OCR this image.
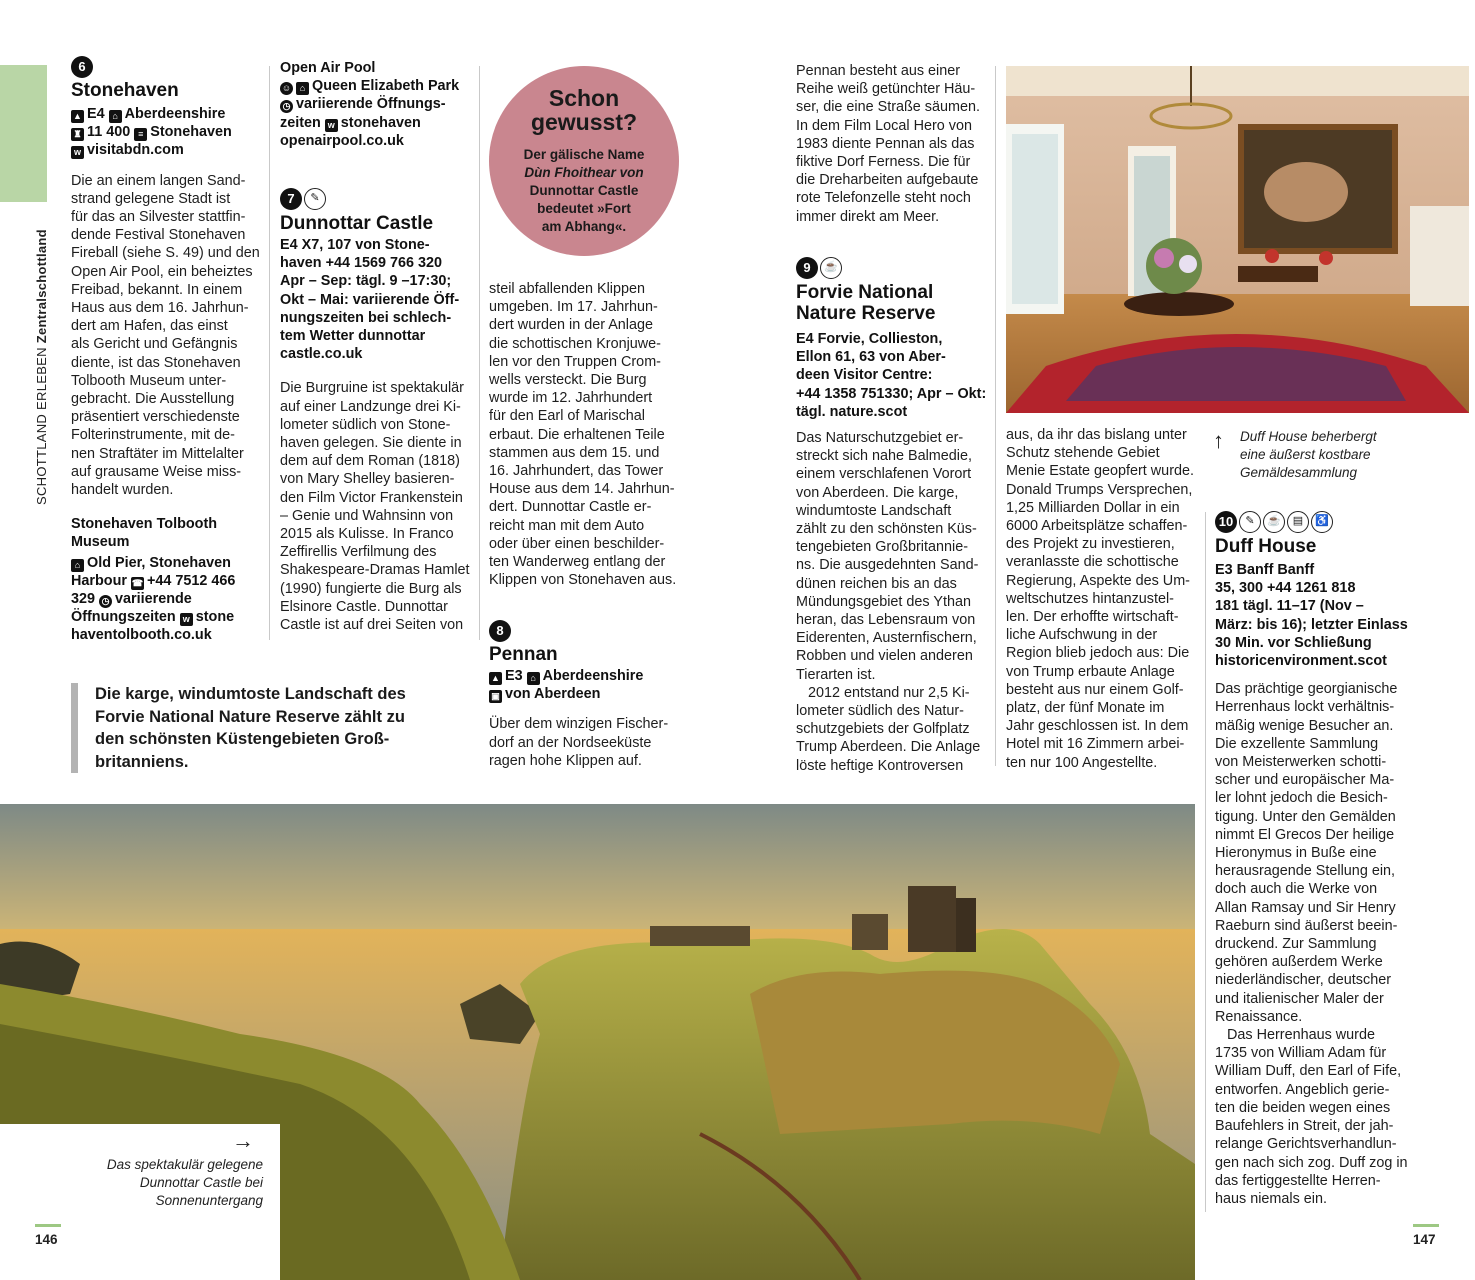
SCHOTTLAND ERLEBEN Zentralschottland
6
Stonehaven
▲ E4 ⌂ Aberdeenshire
♜ 11 400 ≡ Stonehaven
w visitabdn.com
Die an einem langen Sand-
strand gelegene Stadt ist
für das an Silvester stattfin-
dende Festival Stonehaven
Fireball (siehe S. 49) und den
Open Air Pool, ein beheiztes
Freibad, bekannt. In einem
Haus aus dem 16. Jahrhun-
dert am Hafen, das einst
als Gericht und Gefängnis
diente, ist das Stonehaven
Tolbooth Museum unter-
gebracht. Die Ausstellung
präsentiert verschiedenste
Folterinstrumente, mit de-
nen Straftäter im Mittelalter
auf grausame Weise miss-
handelt wurden.
Stonehaven Tolbooth
Museum
⌂ Old Pier, Stonehaven
Harbour ☎ +44 7512 466
329 ◷ variierende
Öffnungszeiten w stone
haventolbooth.co.uk
Open Air Pool
☺ ⌂ Queen Elizabeth Park
◷ variierende Öffnungs-
zeiten w stonehaven
openairpool.co.uk
7 ✎
Dunnottar Castle
E4 X7, 107 von Stone-
haven +44 1569 766 320
Apr – Sep: tägl. 9 –17:30;
Okt – Mai: variierende Öff-
nungszeiten bei schlech-
tem Wetter dunnottar
castle.co.uk
Die Burgruine ist spektakulär
auf einer Landzunge drei Ki-
lometer südlich von Stone-
haven gelegen. Sie diente in
dem auf dem Roman (1818)
von Mary Shelley basieren-
den Film Victor Frankenstein
– Genie und Wahnsinn von
2015 als Kulisse. In Franco
Zeffirellis Verfilmung des
Shakespeare-Dramas Hamlet
(1990) fungierte die Burg als
Elsinore Castle. Dunnottar
Castle ist auf drei Seiten von
Schon
gewusst?
Der gälische Name
Dùn Fhoithear von
Dunnottar Castle
bedeutet »Fort
am Abhang«.
steil abfallenden Klippen
umgeben. Im 17. Jahrhun-
dert wurden in der Anlage
die schottischen Kronjuwe-
len vor den Truppen Crom-
wells versteckt. Die Burg
wurde im 12. Jahrhundert
für den Earl of Marischal
erbaut. Die erhaltenen Teile
stammen aus dem 15. und
16. Jahrhundert, das Tower
House aus dem 14. Jahrhun-
dert. Dunnottar Castle er-
reicht man mit dem Auto
oder über einen beschilder-
ten Wanderweg entlang der
Klippen von Stonehaven aus.
8
Pennan
▲ E3 ⌂ Aberdeenshire
▣ von Aberdeen
Über dem winzigen Fischer-
dorf an der Nordseeküste
ragen hohe Klippen auf.
Die karge, windumtoste Landschaft des Forvie National Nature Reserve zählt zu den schönsten Küstengebieten Groß-britanniens.
Pennan besteht aus einer
Reihe weiß getünchter Häu-
ser, die eine Straße säumen.
In dem Film Local Hero von
1983 diente Pennan als das
fiktive Dorf Ferness. Die für
die Dreharbeiten aufgebaute
rote Telefonzelle steht noch
immer direkt am Meer.
9 ☕
Forvie National
Nature Reserve
E4 Forvie, Collieston,
Ellon 61, 63 von Aber-
deen Visitor Centre:
+44 1358 751330; Apr – Okt:
tägl. nature.scot
Das Naturschutzgebiet er-
streckt sich nahe Balmedie,
einem verschlafenen Vorort
von Aberdeen. Die karge,
windumtoste Landschaft
zählt zu den schönsten Küs-
tengebieten Großbritannie-
ns. Die ausgedehnten Sand-
dünen reichen bis an das
Mündungsgebiet des Ythan
heran, das Lebensraum von
Eiderenten, Austernfischern,
Robben und vielen anderen
Tierarten ist.
2012 entstand nur 2,5 Ki-
lometer südlich des Natur-
schutzgebiets der Golfplatz
Trump Aberdeen. Die Anlage
löste heftige Kontroversen
aus, da ihr das bislang unter
Schutz stehende Gebiet
Menie Estate geopfert wurde.
Donald Trumps Versprechen,
1,25 Milliarden Dollar in ein
6000 Arbeitsplätze schaffen-
des Projekt zu investieren,
veranlasste die schottische
Regierung, Aspekte des Um-
weltschutzes hintanzustel-
len. Der erhoffte wirtschaft-
liche Aufschwung in der
Region blieb jedoch aus: Die
von Trump erbaute Anlage
besteht aus nur einem Golf-
platz, der fünf Monate im
Jahr geschlossen ist. In dem
Hotel mit 16 Zimmern arbei-
ten nur 100 Angestellte.
↑	Duff House beherbergt
eine äußerst kostbare
Gemäldesammlung
10 ✎ ☕ ▤ ♿
Duff House
E3 Banff Banff
35, 300 +44 1261 818
181 tägl. 11–17 (Nov –
März: bis 16); letzter Einlass
30 Min. vor Schließung
historicenvironment.scot
Das prächtige georgianische
Herrenhaus lockt verhältnis-
mäßig wenige Besucher an.
Die exzellente Sammlung
von Meisterwerken schotti-
scher und europäischer Ma-
ler lohnt jedoch die Besich-
tigung. Unter den Gemälden
nimmt El Grecos Der heilige
Hieronymus in Buße eine
herausragende Stellung ein,
doch auch die Werke von
Allan Ramsay und Sir Henry
Raeburn sind äußerst beein-
druckend. Zur Sammlung
gehören außerdem Werke
niederländischer, deutscher
und italienischer Maler der
Renaissance.
Das Herrenhaus wurde
1735 von William Adam für
William Duff, den Earl of Fife,
entworfen. Angeblich gerie-
ten die beiden wegen eines
Baufehlers in Streit, der jah-
relange Gerichtsverhandlun-
gen nach sich zog. Duff zog in
das fertiggestellte Herren-
haus niemals ein.
→
Das spektakulär gelegene
Dunnottar Castle bei
Sonnenuntergang
146	147
